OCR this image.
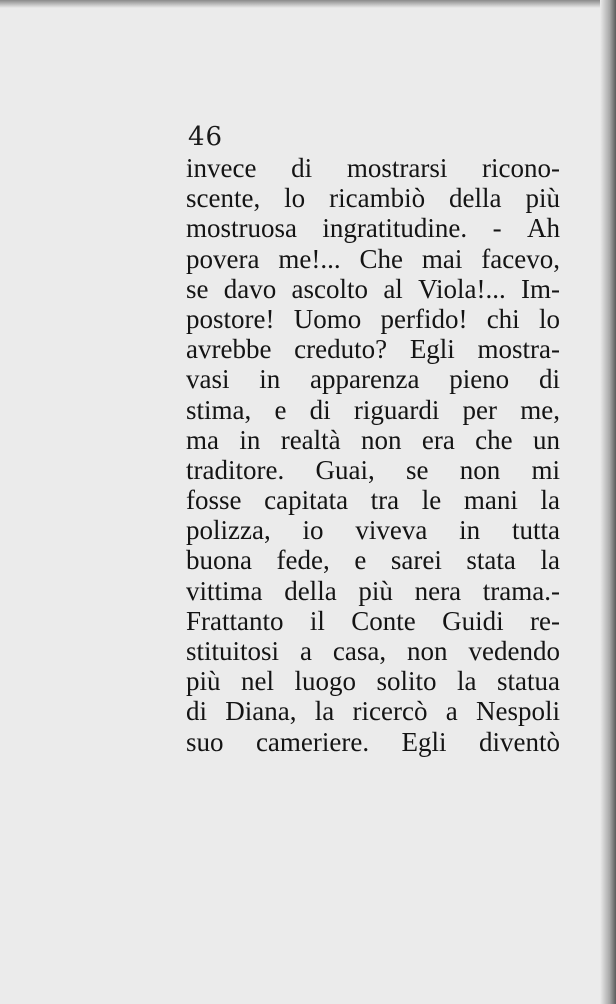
46
invece di mostrarsi ricono-
scente, lo ricambiò della più
mostruosa ingratitudine. - Ah
povera me!... Che mai facevo,
se davo ascolto al Viola!... Im-
postore! Uomo perfido! chi lo
avrebbe creduto? Egli mostra-
vasi in apparenza pieno di
stima, e di riguardi per me,
ma in realtà non era che un
traditore. Guai, se non mi
fosse capitata tra le mani la
polizza, io viveva in tutta
buona fede, e sarei stata la
vittima della più nera trama.-
Frattanto il Conte Guidi re-
stituitosi a casa, non vedendo
più nel luogo solito la statua
di Diana, la ricercò a Nespoli
suo cameriere. Egli diventò
